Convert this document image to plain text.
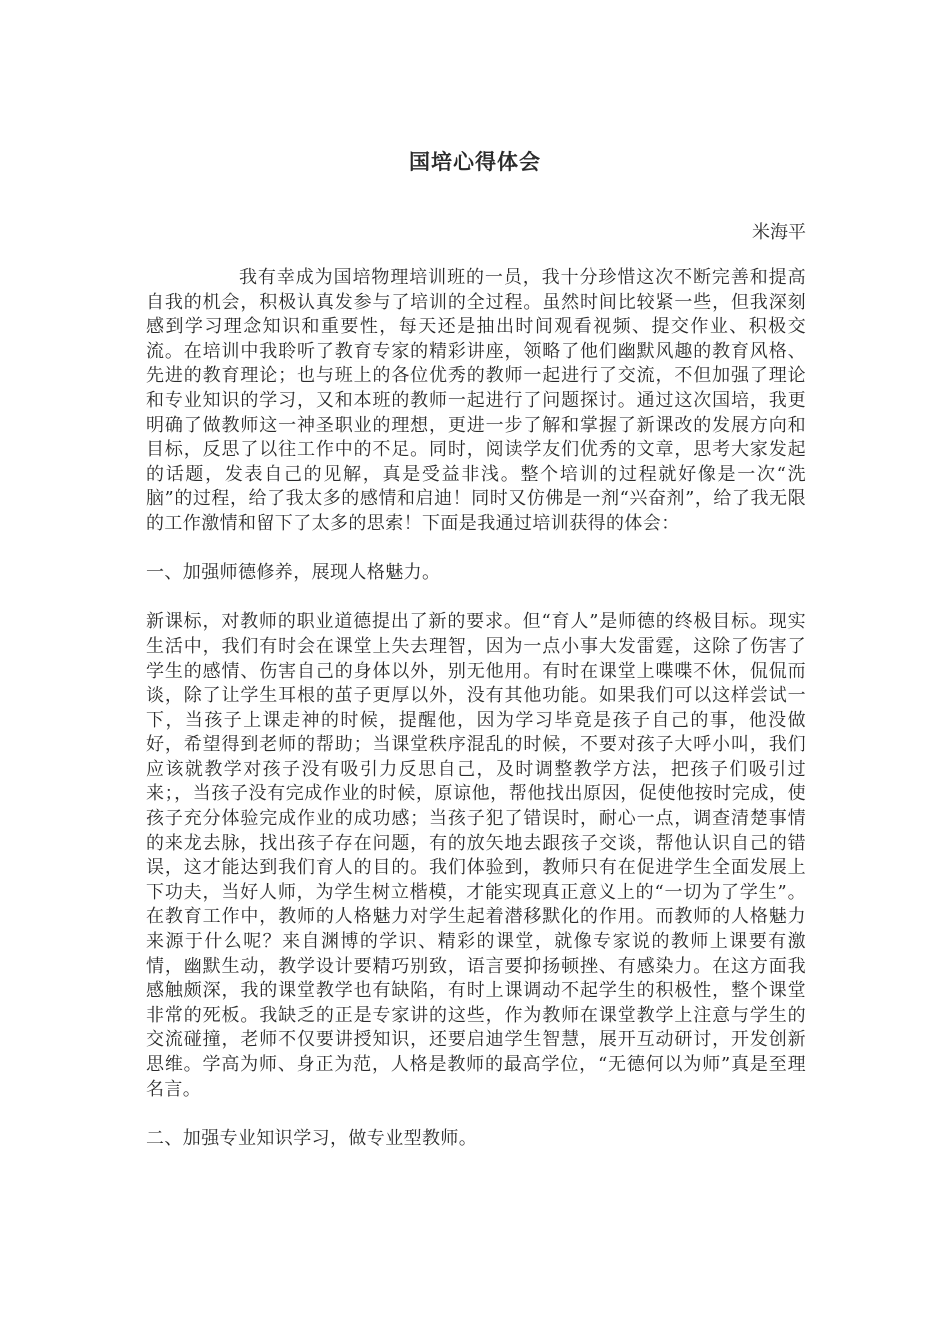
国培心得体会
米海平

我有幸成为国培物理培训班的一员，我十分珍惜这次不断完善和提高自我的机会，积极认真发参与了培训的全过程。虽然时间比较紧一些，但我深刻感到学习理念知识和重要性，每天还是抽出时间观看视频、提交作业、积极交流。在培训中我聆听了教育专家的精彩讲座，领略了他们幽默风趣的教育风格、先进的教育理论；也与班上的各位优秀的教师一起进行了交流，不但加强了理论和专业知识的学习，又和本班的教师一起进行了问题探讨。通过这次国培，我更明确了做教师这一神圣职业的理想，更进一步了解和掌握了新课改的发展方向和目标，反思了以往工作中的不足。同时，阅读学友们优秀的文章，思考大家发起的话题，发表自己的见解，真是受益非浅。整个培训的过程就好像是一次“洗脑”的过程，给了我太多的感情和启迪！同时又仿佛是一剂“兴奋剂”，给了我无限的工作激情和留下了太多的思索！下面是我通过培训获得的体会：

一、加强师德修养，展现人格魅力。

新课标，对教师的职业道德提出了新的要求。但“育人”是师德的终极目标。现实生活中，我们有时会在课堂上失去理智，因为一点小事大发雷霆，这除了伤害了学生的感情、伤害自己的身体以外，别无他用。有时在课堂上喋喋不休，侃侃而谈，除了让学生耳根的茧子更厚以外，没有其他功能。如果我们可以这样尝试一下，当孩子上课走神的时候，提醒他，因为学习毕竟是孩子自己的事，他没做好，希望得到老师的帮助；当课堂秩序混乱的时候，不要对孩子大呼小叫，我们应该就教学对孩子没有吸引力反思自己，及时调整教学方法，把孩子们吸引过来；，当孩子没有完成作业的时候，原谅他，帮他找出原因，促使他按时完成，使孩子充分体验完成作业的成功感；当孩子犯了错误时，耐心一点，调查清楚事情的来龙去脉，找出孩子存在问题，有的放矢地去跟孩子交谈，帮他认识自己的错误，这才能达到我们育人的目的。我们体验到，教师只有在促进学生全面发展上下功夫，当好人师，为学生树立楷模，才能实现真正意义上的“一切为了学生”。在教育工作中，教师的人格魅力对学生起着潜移默化的作用。而教师的人格魅力来源于什么呢？来自渊博的学识、精彩的课堂，就像专家说的教师上课要有激情，幽默生动，教学设计要精巧别致，语言要抑扬顿挫、有感染力。在这方面我感触颇深，我的课堂教学也有缺陷，有时上课调动不起学生的积极性，整个课堂非常的死板。我缺乏的正是专家讲的这些，作为教师在课堂教学上注意与学生的交流碰撞，老师不仅要讲授知识，还要启迪学生智慧，展开互动研讨，开发创新思维。学高为师、身正为范，人格是教师的最高学位，“无德何以为师”真是至理名言。

二、加强专业知识学习，做专业型教师。
